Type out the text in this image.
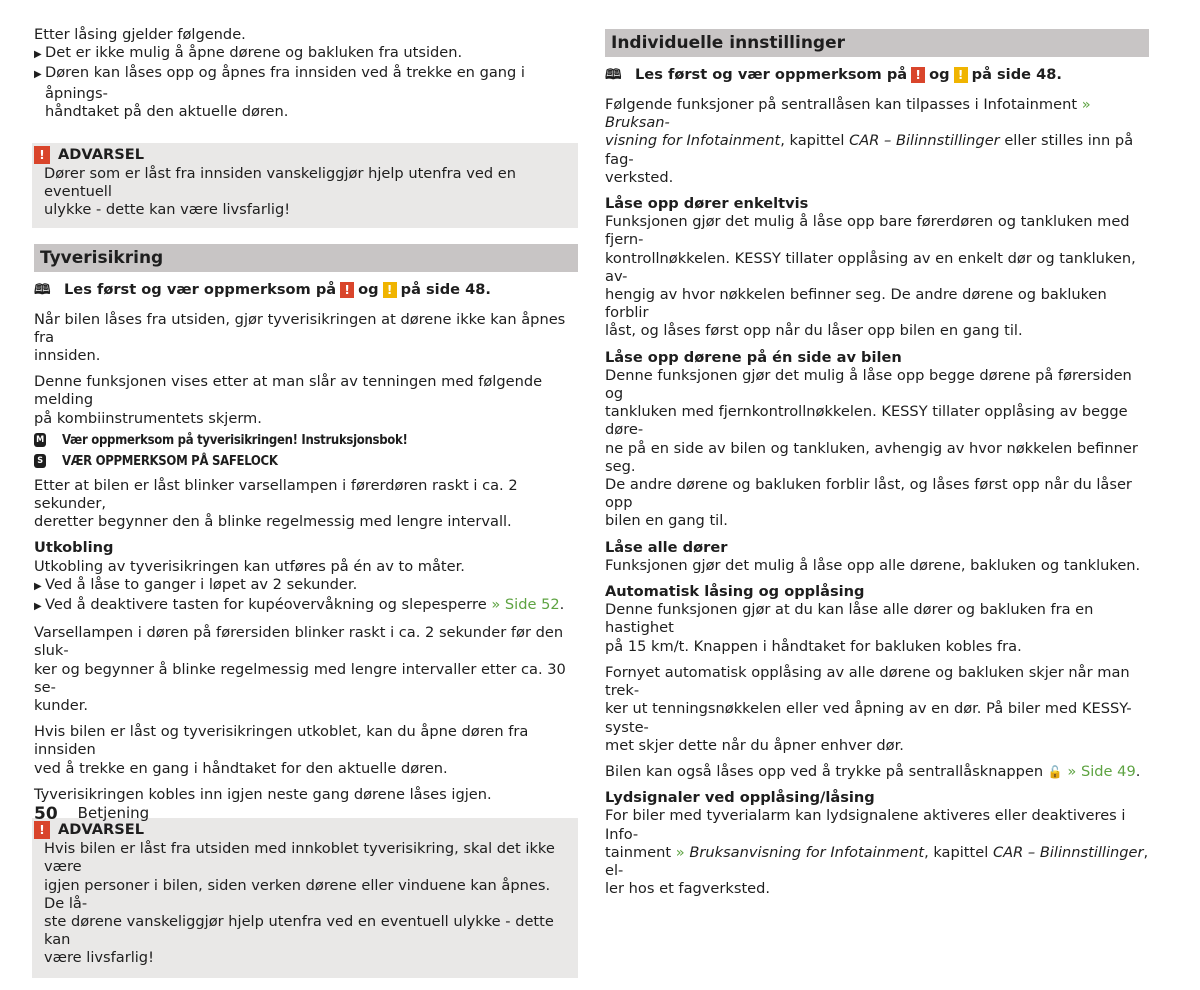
Etter låsing gjelder følgende.

▶ Det er ikke mulig å åpne dørene og bakluken fra utsiden.
▶ Døren kan låses opp og åpnes fra innsiden ved å trekke en gang i åpnings-
håndtaket på den aktuelle døren.
! ADVARSEL

Dører som er låst fra innsiden vanskeliggjør hjelp utenfra ved en eventuell

ulykke - dette kan være livsfarlig!

Tyverisikring
🕮 Les først og vær oppmerksom på ! og ! på side 48.
Når bilen låses fra utsiden, gjør tyverisikringen at dørene ikke kan åpnes fra
innsiden.
Denne funksjonen vises etter at man slår av tenningen med følgende melding
på kombiinstrumentets skjerm.
M Vær oppmerksom på tyverisikringen! Instruksjonsbok!
S VÆR OPPMERKSOM PÅ SAFELOCK
Etter at bilen er låst blinker varsellampen i førerdøren raskt i ca. 2 sekunder,
deretter begynner den å blinke regelmessig med lengre intervall.
Utkobling

Utkobling av tyverisikringen kan utføres på én av to måter.

▶ Ved å låse to ganger i løpet av 2 sekunder.
▶ Ved å deaktivere tasten for kupéovervåkning og slepesperre » Side 52.
Varsellampen i døren på førersiden blinker raskt i ca. 2 sekunder før den sluk-
ker og begynner å blinke regelmessig med lengre intervaller etter ca. 30 se-
kunder.
Hvis bilen er låst og tyverisikringen utkoblet, kan du åpne døren fra innsiden
ved å trekke en gang i håndtaket for den aktuelle døren.
Tyverisikringen kobles inn igjen neste gang dørene låses igjen.
! ADVARSEL

Hvis bilen er låst fra utsiden med innkoblet tyverisikring, skal det ikke være

igjen personer i bilen, siden verken dørene eller vinduene kan åpnes. De lå-

ste dørene vanskeliggjør hjelp utenfra ved en eventuell ulykke - dette kan

være livsfarlig!

Individuelle innstillinger
🕮 Les først og vær oppmerksom på ! og ! på side 48.
Følgende funksjoner på sentrallåsen kan tilpasses i Infotainment » Bruksan-
visning for Infotainment, kapittel CAR – Bilinnstillinger eller stilles inn på fag-
verksted.
Låse opp dører enkeltvis
Funksjonen gjør det mulig å låse opp bare førerdøren og tankluken med fjern-
kontrollnøkkelen. KESSY tillater opplåsing av en enkelt dør og tankluken, av-
hengig av hvor nøkkelen befinner seg. De andre dørene og bakluken forblir
låst, og låses først opp når du låser opp bilen en gang til.
Låse opp dørene på én side av bilen
Denne funksjonen gjør det mulig å låse opp begge dørene på førersiden og
tankluken med fjernkontrollnøkkelen. KESSY tillater opplåsing av begge døre-
ne på en side av bilen og tankluken, avhengig av hvor nøkkelen befinner seg.
De andre dørene og bakluken forblir låst, og låses først opp når du låser opp
bilen en gang til.
Låse alle dører
Funksjonen gjør det mulig å låse opp alle dørene, bakluken og tankluken.
Automatisk låsing og opplåsing
Denne funksjonen gjør at du kan låse alle dører og bakluken fra en hastighet
på 15 km/t. Knappen i håndtaket for bakluken kobles fra.
Fornyet automatisk opplåsing av alle dørene og bakluken skjer når man trek-
ker ut tenningsnøkkelen eller ved åpning av en dør. På biler med KESSY-syste-
met skjer dette når du åpner enhver dør.
Bilen kan også låses opp ved å trykke på sentrallåsknappen 🔓 » Side 49.
Lydsignaler ved opplåsing/låsing
For biler med tyverialarm kan lydsignalene aktiveres eller deaktiveres i Info-
tainment » Bruksanvisning for Infotainment, kapittel CAR – Bilinnstillinger, el-
ler hos et fagverksted.
50 Betjening
